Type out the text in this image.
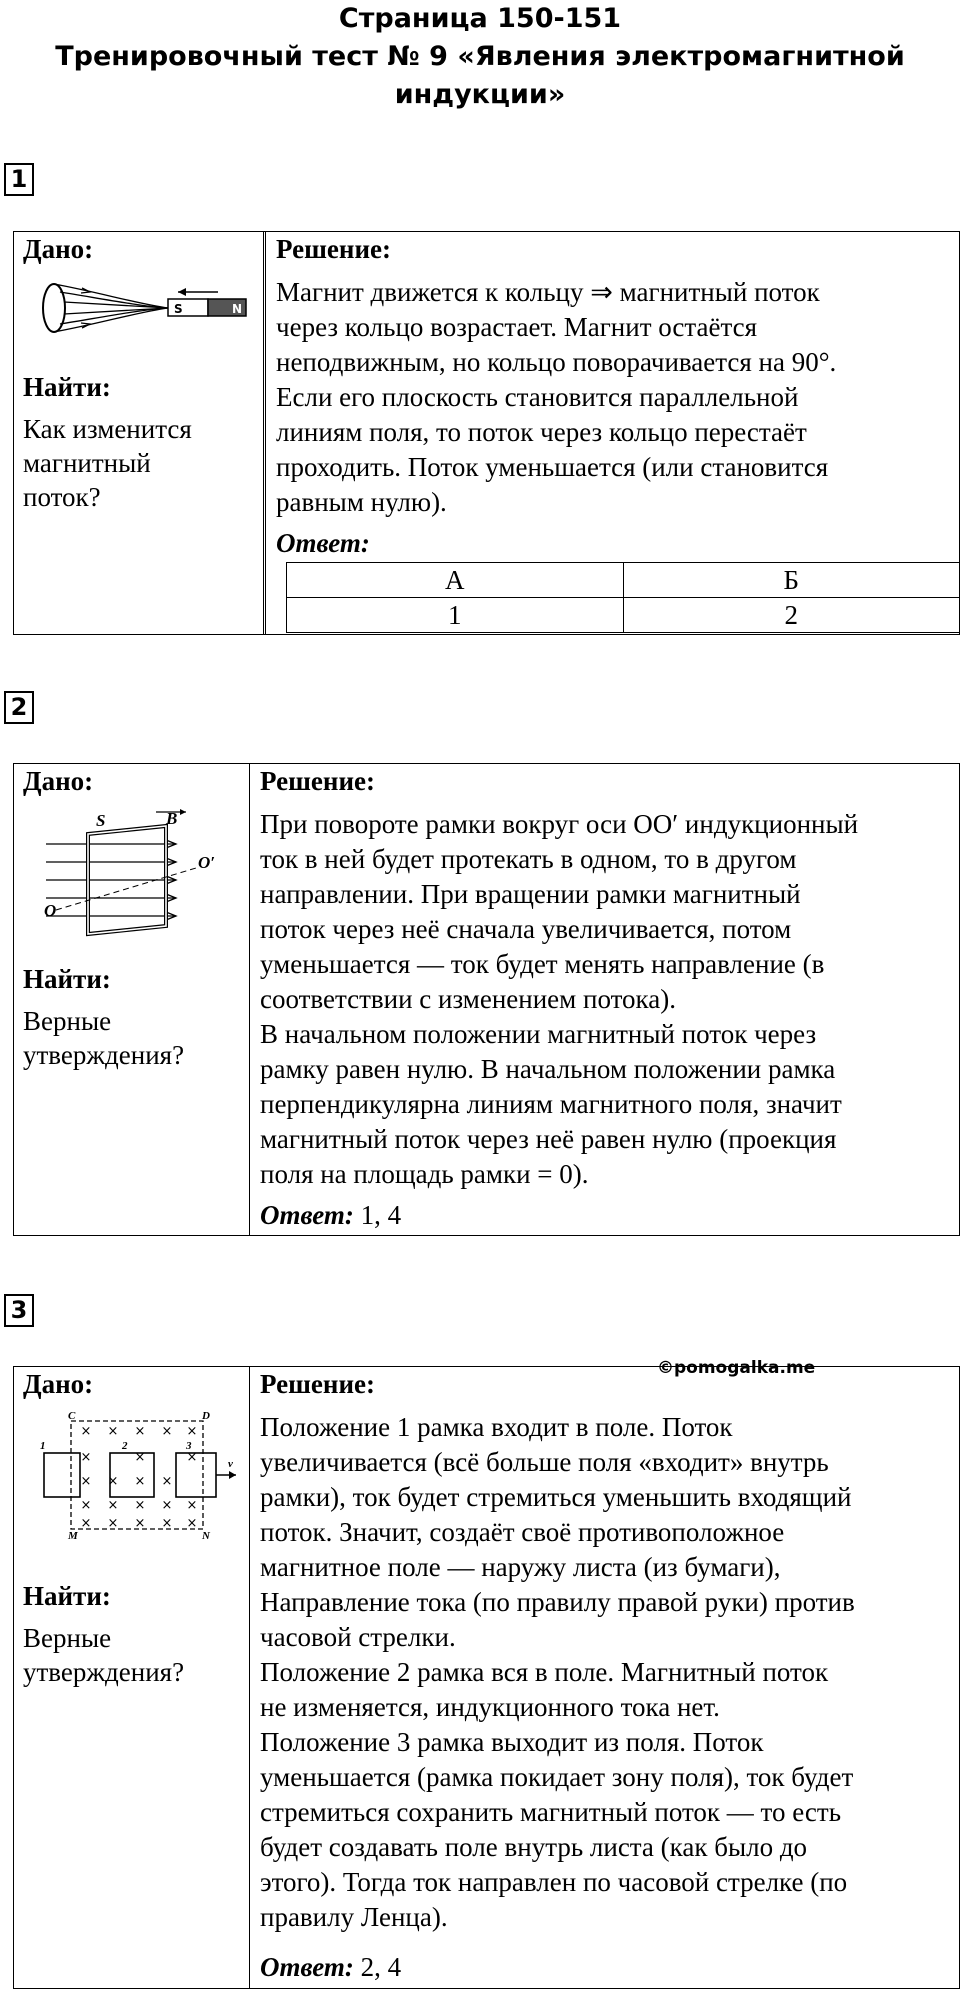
Страница 150-151
Тренировочный тест № 9 «Явления электромагнитной
индукции»
1
Дано:
S	N
Найти:
Как изменится
магнитный
поток?
Решение:

Магнит движется к кольцу ⇒ магнитный поток

через кольцо возрастает. Магнит остаётся

неподвижным, но кольцо поворачивается на 90°.

Если его плоскость становится параллельной

линиям поля, то поток через кольцо перестаёт

проходить. Поток уменьшается (или становится

равным нулю).

Ответ:
А	Б
1	2
2
Дано:
S	B
O′
O
Найти:
Верные
утверждения?
Решение:

При повороте рамки вокруг оси OO′ индукционный

ток в ней будет протекать в одном, то в другом

направлении. При вращении рамки магнитный

поток через неё сначала увеличивается, потом

уменьшается — ток будет менять направление (в

соответствии с изменением потока).

В начальном положении магнитный поток через

рамку равен нулю. В начальном положении рамка

перпендикулярна линиям магнитного поля, значит

магнитный поток через неё равен нулю (проекция

поля на площадь рамки = 0).

Ответ: 1, 4
3
©pomogalka.me
Дано:
× × × × ×
×	×	×
× × × ×
× × × × ×
× × × × ×
C	D
M	N
1	2	3
v
Найти:
Верные
утверждения?
Решение:

Положение 1 рамка входит в поле. Поток

увеличивается (всё больше поля «входит» внутрь

рамки), ток будет стремиться уменьшить входящий

поток. Значит, создаёт своё противоположное

магнитное поле — наружу листа (из бумаги),

Направление тока (по правилу правой руки) против

часовой стрелки.

Положение 2 рамка вся в поле. Магнитный поток

не изменяется, индукционного тока нет.

Положение 3 рамка выходит из поля. Поток

уменьшается (рамка покидает зону поля), ток будет

стремиться сохранить магнитный поток — то есть

будет создавать поле внутрь листа (как было до

этого). Тогда ток направлен по часовой стрелке (по

правилу Ленца).

Ответ: 2, 4
